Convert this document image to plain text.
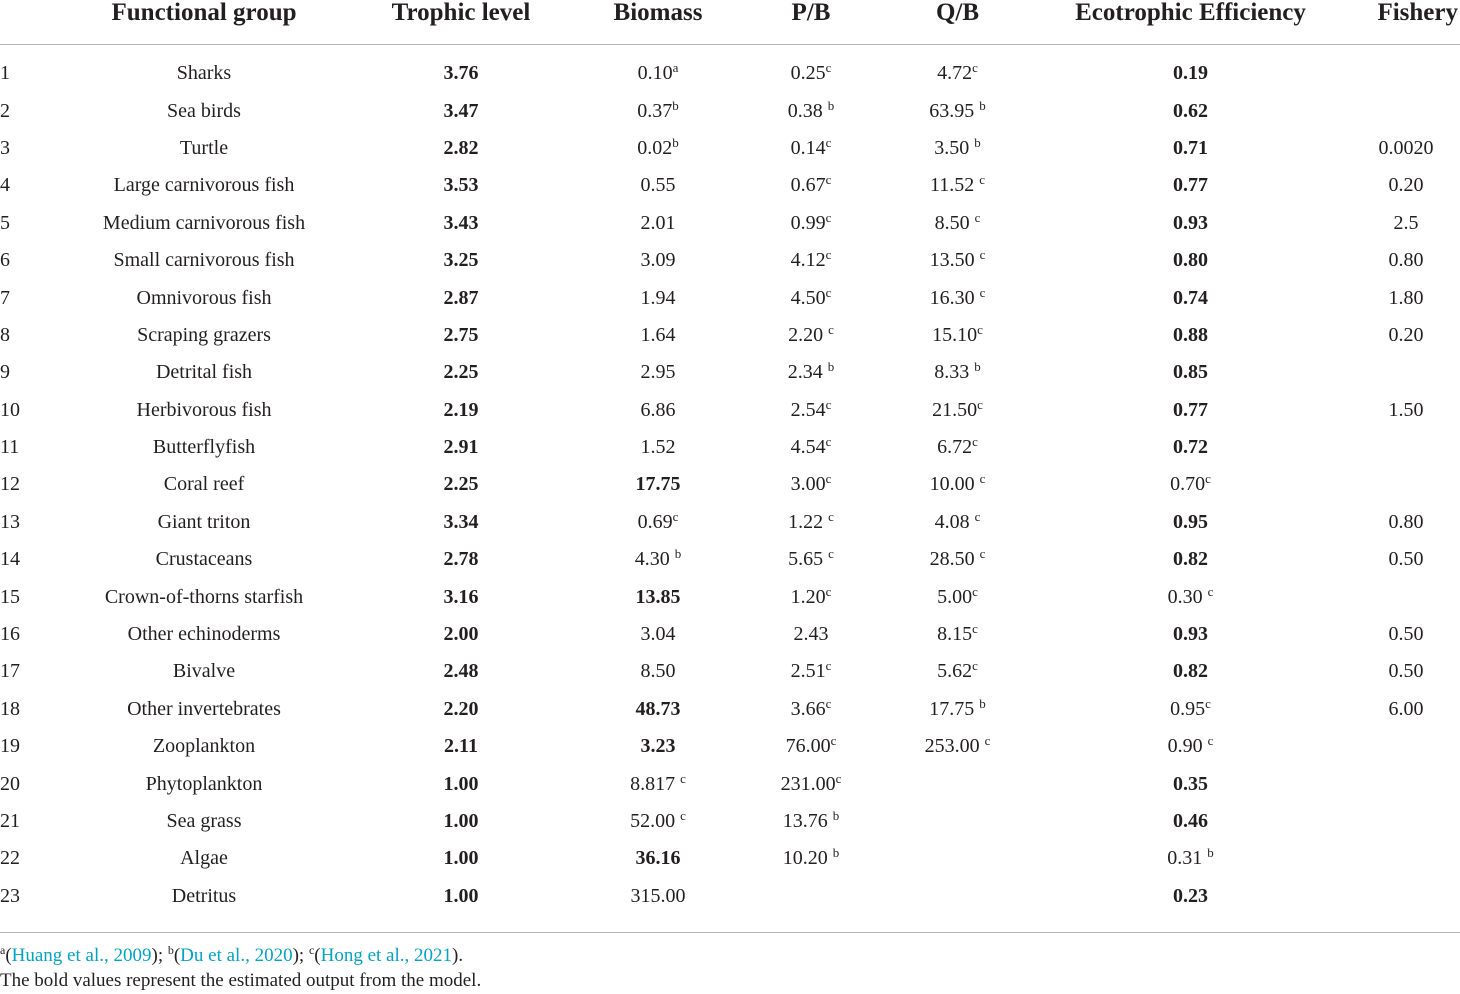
	Functional group	Trophic level	Biomass	P/B	Q/B	Ecotrophic Efficiency	Fishery
1	Sharks	3.76	0.10$^a$	0.25$^c$	4.72$^c$	0.19	
2	Sea birds	3.47	0.37$^b$	0.38 $^b$	63.95 $^b$	0.62	
3	Turtle	2.82	0.02$^b$	0.14$^c$	3.50 $^b$	0.71	0.0020
4	Large carnivorous fish	3.53	0.55	0.67$^c$	11.52 $^c$	0.77	0.20
5	Medium carnivorous fish	3.43	2.01	0.99$^c$	8.50 $^c$	0.93	2.5
6	Small carnivorous fish	3.25	3.09	4.12$^c$	13.50 $^c$	0.80	0.80
7	Omnivorous fish	2.87	1.94	4.50$^c$	16.30 $^c$	0.74	1.80
8	Scraping grazers	2.75	1.64	2.20 $^c$	15.10$^c$	0.88	0.20
9	Detrital fish	2.25	2.95	2.34 $^b$	8.33 $^b$	0.85	
10	Herbivorous fish	2.19	6.86	2.54$^c$	21.50$^c$	0.77	1.50
11	Butterflyfish	2.91	1.52	4.54$^c$	6.72$^c$	0.72	
12	Coral reef	2.25	17.75	3.00$^c$	10.00 $^c$	0.70$^c$	
13	Giant triton	3.34	0.69$^c$	1.22 $^c$	4.08 $^c$	0.95	0.80
14	Crustaceans	2.78	4.30 $^b$	5.65 $^c$	28.50 $^c$	0.82	0.50
15	Crown-of-thorns starfish	3.16	13.85	1.20$^c$	5.00$^c$	0.30 $^c$	
16	Other echinoderms	2.00	3.04	2.43	8.15$^c$	0.93	0.50
17	Bivalve	2.48	8.50	2.51$^c$	5.62$^c$	0.82	0.50
18	Other invertebrates	2.20	48.73	3.66$^c$	17.75 $^b$	0.95$^c$	6.00
19	Zooplankton	2.11	3.23	76.00$^c$	253.00 $^c$	0.90 $^c$	
20	Phytoplankton	1.00	8.817 $^c$	231.00$^c$		0.35	
21	Sea grass	1.00	52.00 $^c$	13.76 $^b$		0.46	
22	Algae	1.00	36.16	10.20 $^b$		0.31 $^b$	
23	Detritus	1.00	315.00			0.23	
$^a$(Huang et al., 2009); $^b$(Du et al., 2020); $^c$(Hong et al., 2021).
The bold values represent the estimated output from the model.
